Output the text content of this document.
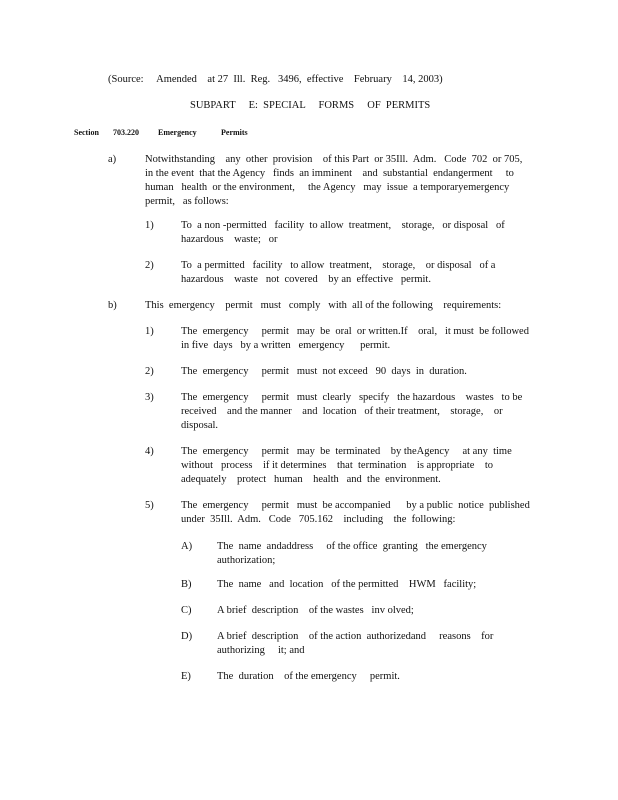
(Source:     Amended    at 27  Ill.  Reg.   3496,  effective    February    14, 2003)
SUBPART     E:  SPECIAL     FORMS     OF  PERMITS
Section 703.220 Emergency	Permits
a)	Notwithstanding    any  other  provision    of this Part  or 35Ill.  Adm.   Code  702  or 705,
in the event  that the Agency   finds  an imminent    and  substantial  endangerment     to
human   health  or the environment,     the Agency   may  issue  a temporaryemergency
permit,   as follows:
1)	To  a non -permitted   facility  to allow  treatment,    storage,   or disposal   of
hazardous    waste;   or
2)	To  a permitted   facility   to allow  treatment,    storage,    or disposal   of a
hazardous    waste   not  covered    by an  effective   permit.
b)	This  emergency    permit   must   comply   with  all of the following    requirements:
1)	The  emergency     permit   may  be  oral  or written.If    oral,   it must  be followed
in five  days   by a written   emergency      permit.
2)	The  emergency     permit   must  not exceed   90  days  in  duration.
3)	The  emergency     permit   must  clearly   specify   the hazardous    wastes   to be
received    and the manner    and  location   of their treatment,    storage,    or
disposal.
4)	The  emergency     permit   may  be  terminated    by theAgency     at any  time
without   process    if it determines    that  termination    is appropriate    to
adequately    protect   human    health   and  the  environment.
5)	The  emergency     permit   must  be accompanied      by a public  notice  published
under  35Ill.  Adm.   Code   705.162    including    the  following:
A) The  name  andaddress     of the office  granting   the emergency
authorization;
B) The  name   and  location   of the permitted    HWM   facility;
C) A brief  description    of the wastes   inv olved;
D) A brief  description    of the action  authorizedand     reasons    for
authorizing     it; and
E) The  duration    of the emergency     permit.
